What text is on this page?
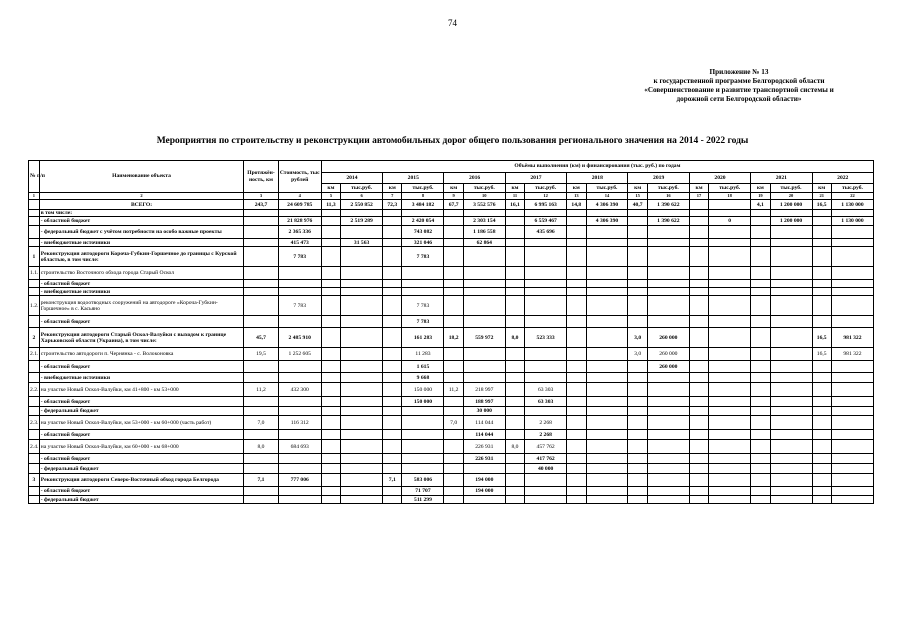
74
Приложение № 13
к государственной программе Белгородской области
«Совершенствование и развитие транспортной системы и
дорожной сети Белгородской области»
Мероприятия по строительству и реконструкции автомобильных дорог общего пользования регионального значения на 2014 - 2022 годы
№ п/п	Наименование объекта	Протяжён-ность, км	Стоимость, тыс рублей	Объёмы выполнения (км) и финансирования (тыс. руб.) по годам																	
				2014		2015		2016		2017		2018		2019		2020		2021		2022	
				км	тыс.руб.	км	тыс.руб.	км	тыс.руб.	км	тыс.руб.	км	тыс.руб.	км	тыс.руб.	км	тыс.руб.	км	тыс.руб.	км	тыс.руб.
1	2	3	4	5	6	7	8	9	10	11	12	13	14	15	16	17	18	19	20	21	22
	ВСЕГО:	243,7	24 609 785	11,3	2 550 852	72,3	3 484 182	67,7	3 552 576	16,1	6 995 163	14,8	4 306 390	40,7	1 390 622			4,1	1 200 000	16,5	1 130 000
	в том числе:																				
	- областной бюджет		21 828 976		2 519 289		2 420 054		2 303 154		6 559 467		4 306 390		1 390 622		0		1 200 000		1 130 000
	- федеральный бюджет с учётом потребности на особо важные проекты		2 365 336				743 082		1 186 558		435 696										
	- внебюджетные источники		415 473		31 563		321 046		62 864												
1	Реконструкция автодороги Короча-Губкин-Горшечное до границы с Курской областью, в том числе:		7 783				7 783														
1.1.	строительство Восточного обхода города Старый Оскол																				
	- областной бюджет																				
	- внебюджетные источники																				
1.2.	реконструкция водоотводных сооружений на автодороге «Короча-Губкин-Горшечное» в с. Касьяно		7 783				7 783														
	- областной бюджет						7 783														
2	Реконструкция автодороги Старый Оскол-Валуйки с выходом к границе Харьковской области (Украина), в том числе:	45,7	2 485 910				161 283	18,2	559 972	8,0	523 333			3,0	260 000					16,5	981 322
2.1.	строительство автодороги п. Чернянка - с. Волоконовка	19,5	1 252 605				11 283							3,0	260 000					16,5	981 322
	- областной бюджет						1 615								260 000						
	- внебюджетные источники						9 668														
2.2.	на участке Новый Оскол-Валуйки, км 41+800 - км 53+000	11,2	432 300				150 000	11,2	218 997		63 303										
	- областной бюджет						150 000		188 997		63 303										
	- федеральный бюджет								30 000												
2.3.	на участке Новый Оскол-Валуйки, км 53+000 - км 60+000 (часть работ)	7,0	116 312					7,0	114 044		2 268										
	- областной бюджет								114 044		2 268										
2.4.	на участке Новый Оскол-Валуйки, км 60+000 - км 68+000	8,0	684 693						226 931	8,0	457 762										
	- областной бюджет								226 931		417 762										
	- федеральный бюджет										40 000										
3	Реконструкция автодороги Северо-Восточный обход города Белгорода	7,1	777 006			7,1	583 006		194 000												
	- областной бюджет						71 707		194 000												
	- федеральный бюджет						511 299														
